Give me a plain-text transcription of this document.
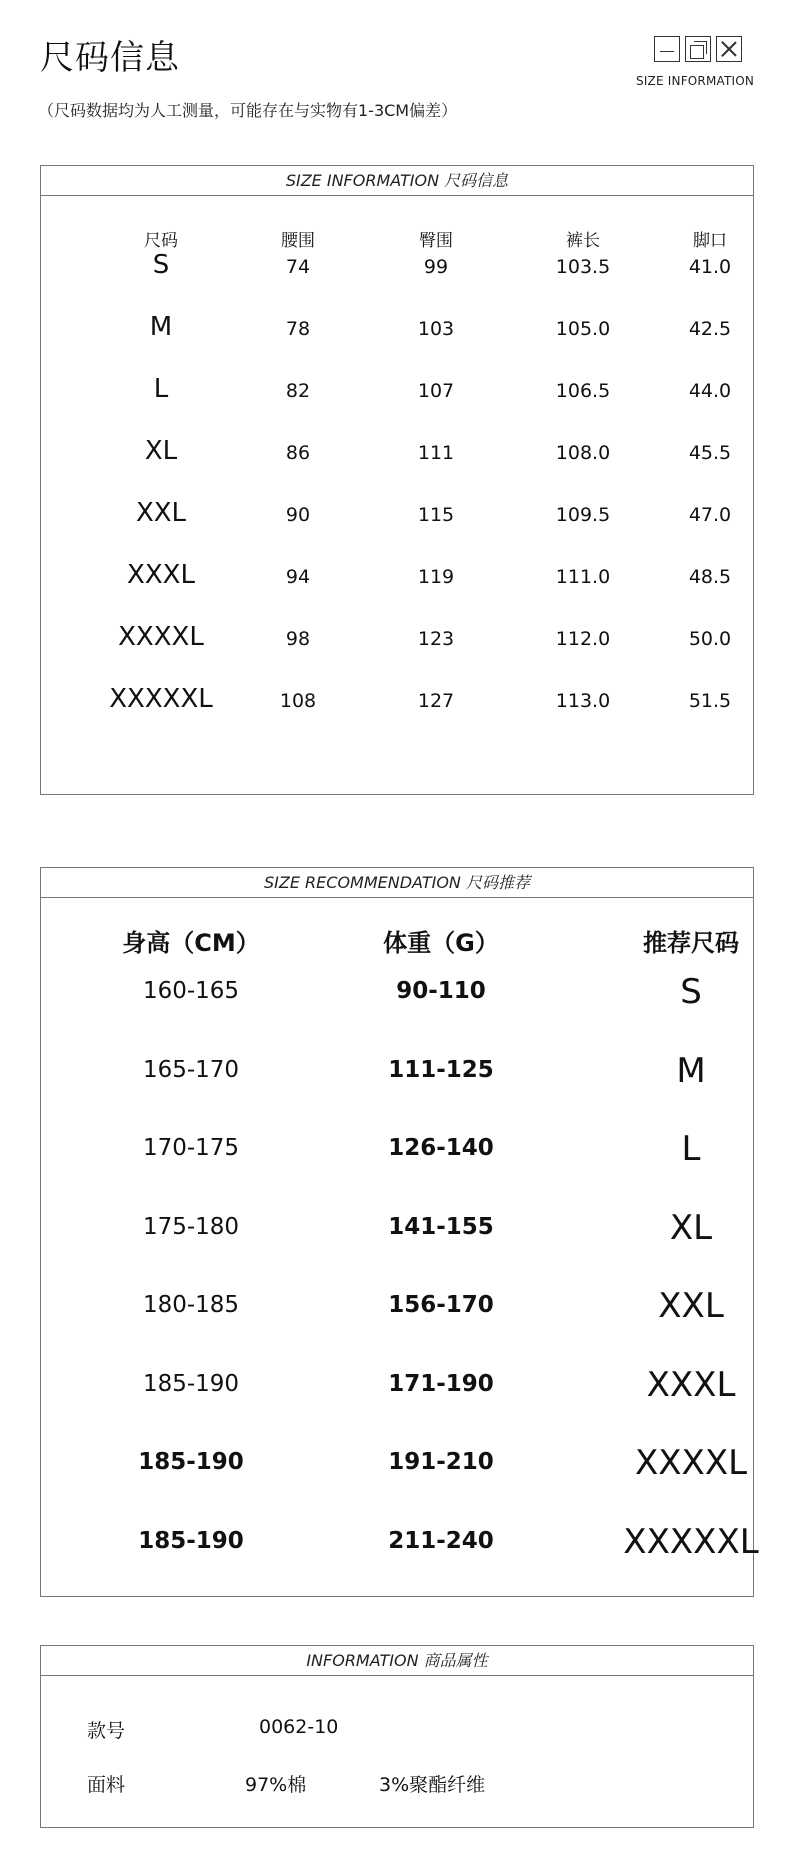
尺码信息
（尺码数据均为人工测量，可能存在与实物有1-3CM偏差）
SIZE INFORMATION
SIZE INFORMATION 尺码信息
尺码	腰围	臀围	裤长	脚口
S	74	99	103.5	41.0
M	78	103	105.0	42.5
L	82	107	106.5	44.0
XL	86	111	108.0	45.5
XXL	90	115	109.5	47.0
XXXL	94	119	111.0	48.5
XXXXL	98	123	112.0	50.0
XXXXXL	108	127	113.0	51.5
SIZE RECOMMENDATION 尺码推荐
身高（CM）	体重（G）	推荐尺码
160-165	90-110	S
165-170	111-125	M
170-175	126-140	L
175-180	141-155	XL
180-185	156-170	XXL
185-190	171-190	XXXL
185-190	191-210	XXXXL
185-190	211-240	XXXXXL
INFORMATION 商品属性
款号	0062-10
面料	97%棉	3%聚酯纤维
